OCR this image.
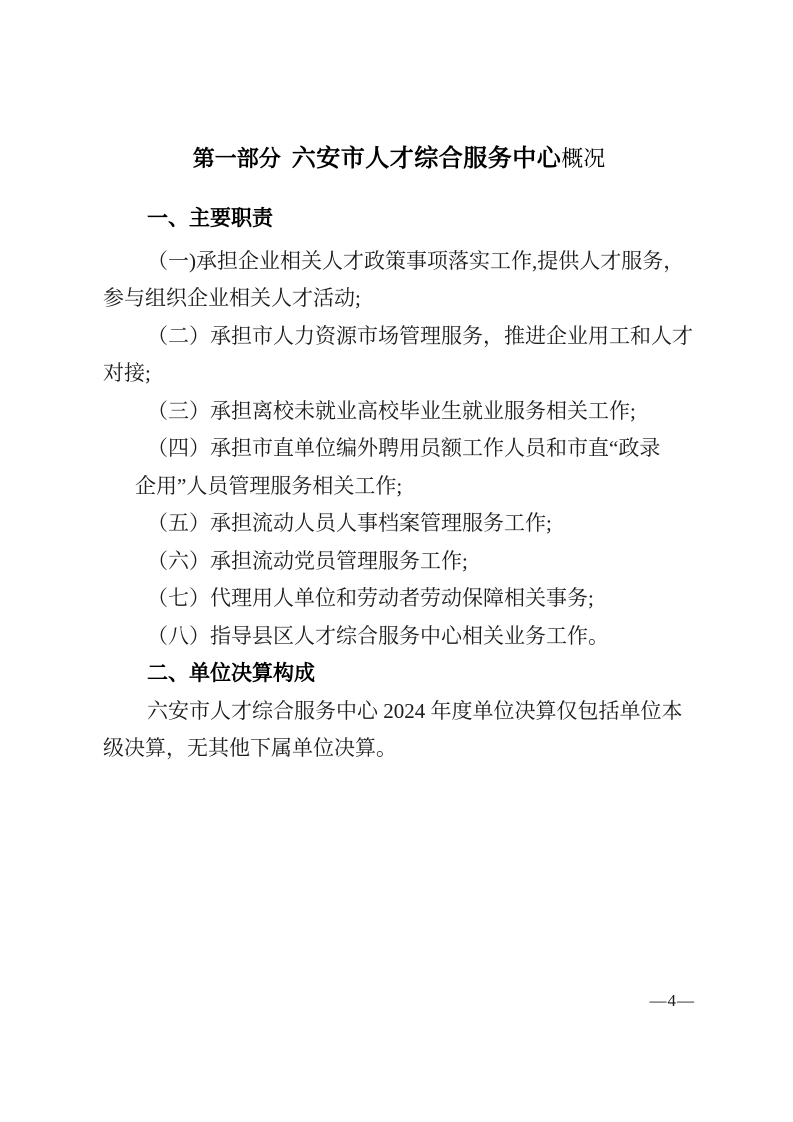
第一部分 六安市人才综合服务中心概况
一、主要职责
（一)承担企业相关人才政策事项落实工作,提供人才服务，
参与组织企业相关人才活动;
（二）承担市人力资源市场管理服务，推进企业用工和人才
对接;
（三）承担离校未就业高校毕业生就业服务相关工作;
（四）承担市直单位编外聘用员额工作人员和市直“政录
企用”人员管理服务相关工作;
（五）承担流动人员人事档案管理服务工作;
（六）承担流动党员管理服务工作;
（七）代理用人单位和劳动者劳动保障相关事务;
（八）指导县区人才综合服务中心相关业务工作。
二、单位决算构成
六安市人才综合服务中心 2024 年度单位决算仅包括单位本
级决算，无其他下属单位决算。
—4—
